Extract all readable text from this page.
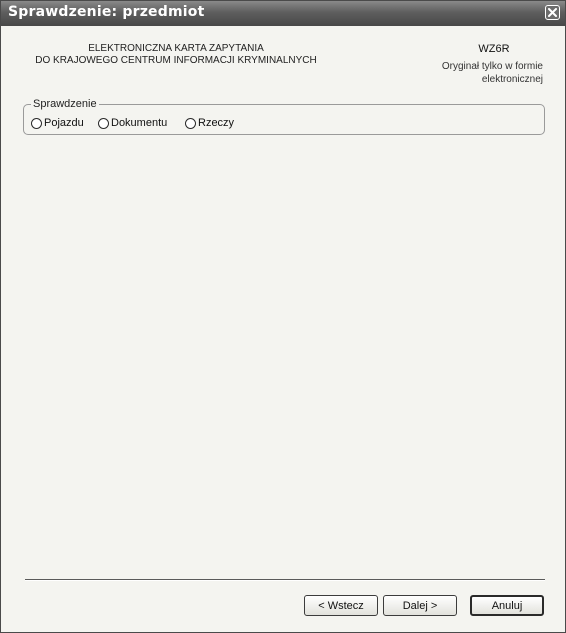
Sprawdzenie: przedmiot
ELEKTRONICZNA KARTA ZAPYTANIA
DO KRAJOWEGO CENTRUM INFORMACJI KRYMINALNYCH
WZ6R
Oryginał tylko w formie
elektronicznej
Sprawdzenie
Pojazdu Dokumentu	Rzeczy
< Wstecz	Dalej >	Anuluj
